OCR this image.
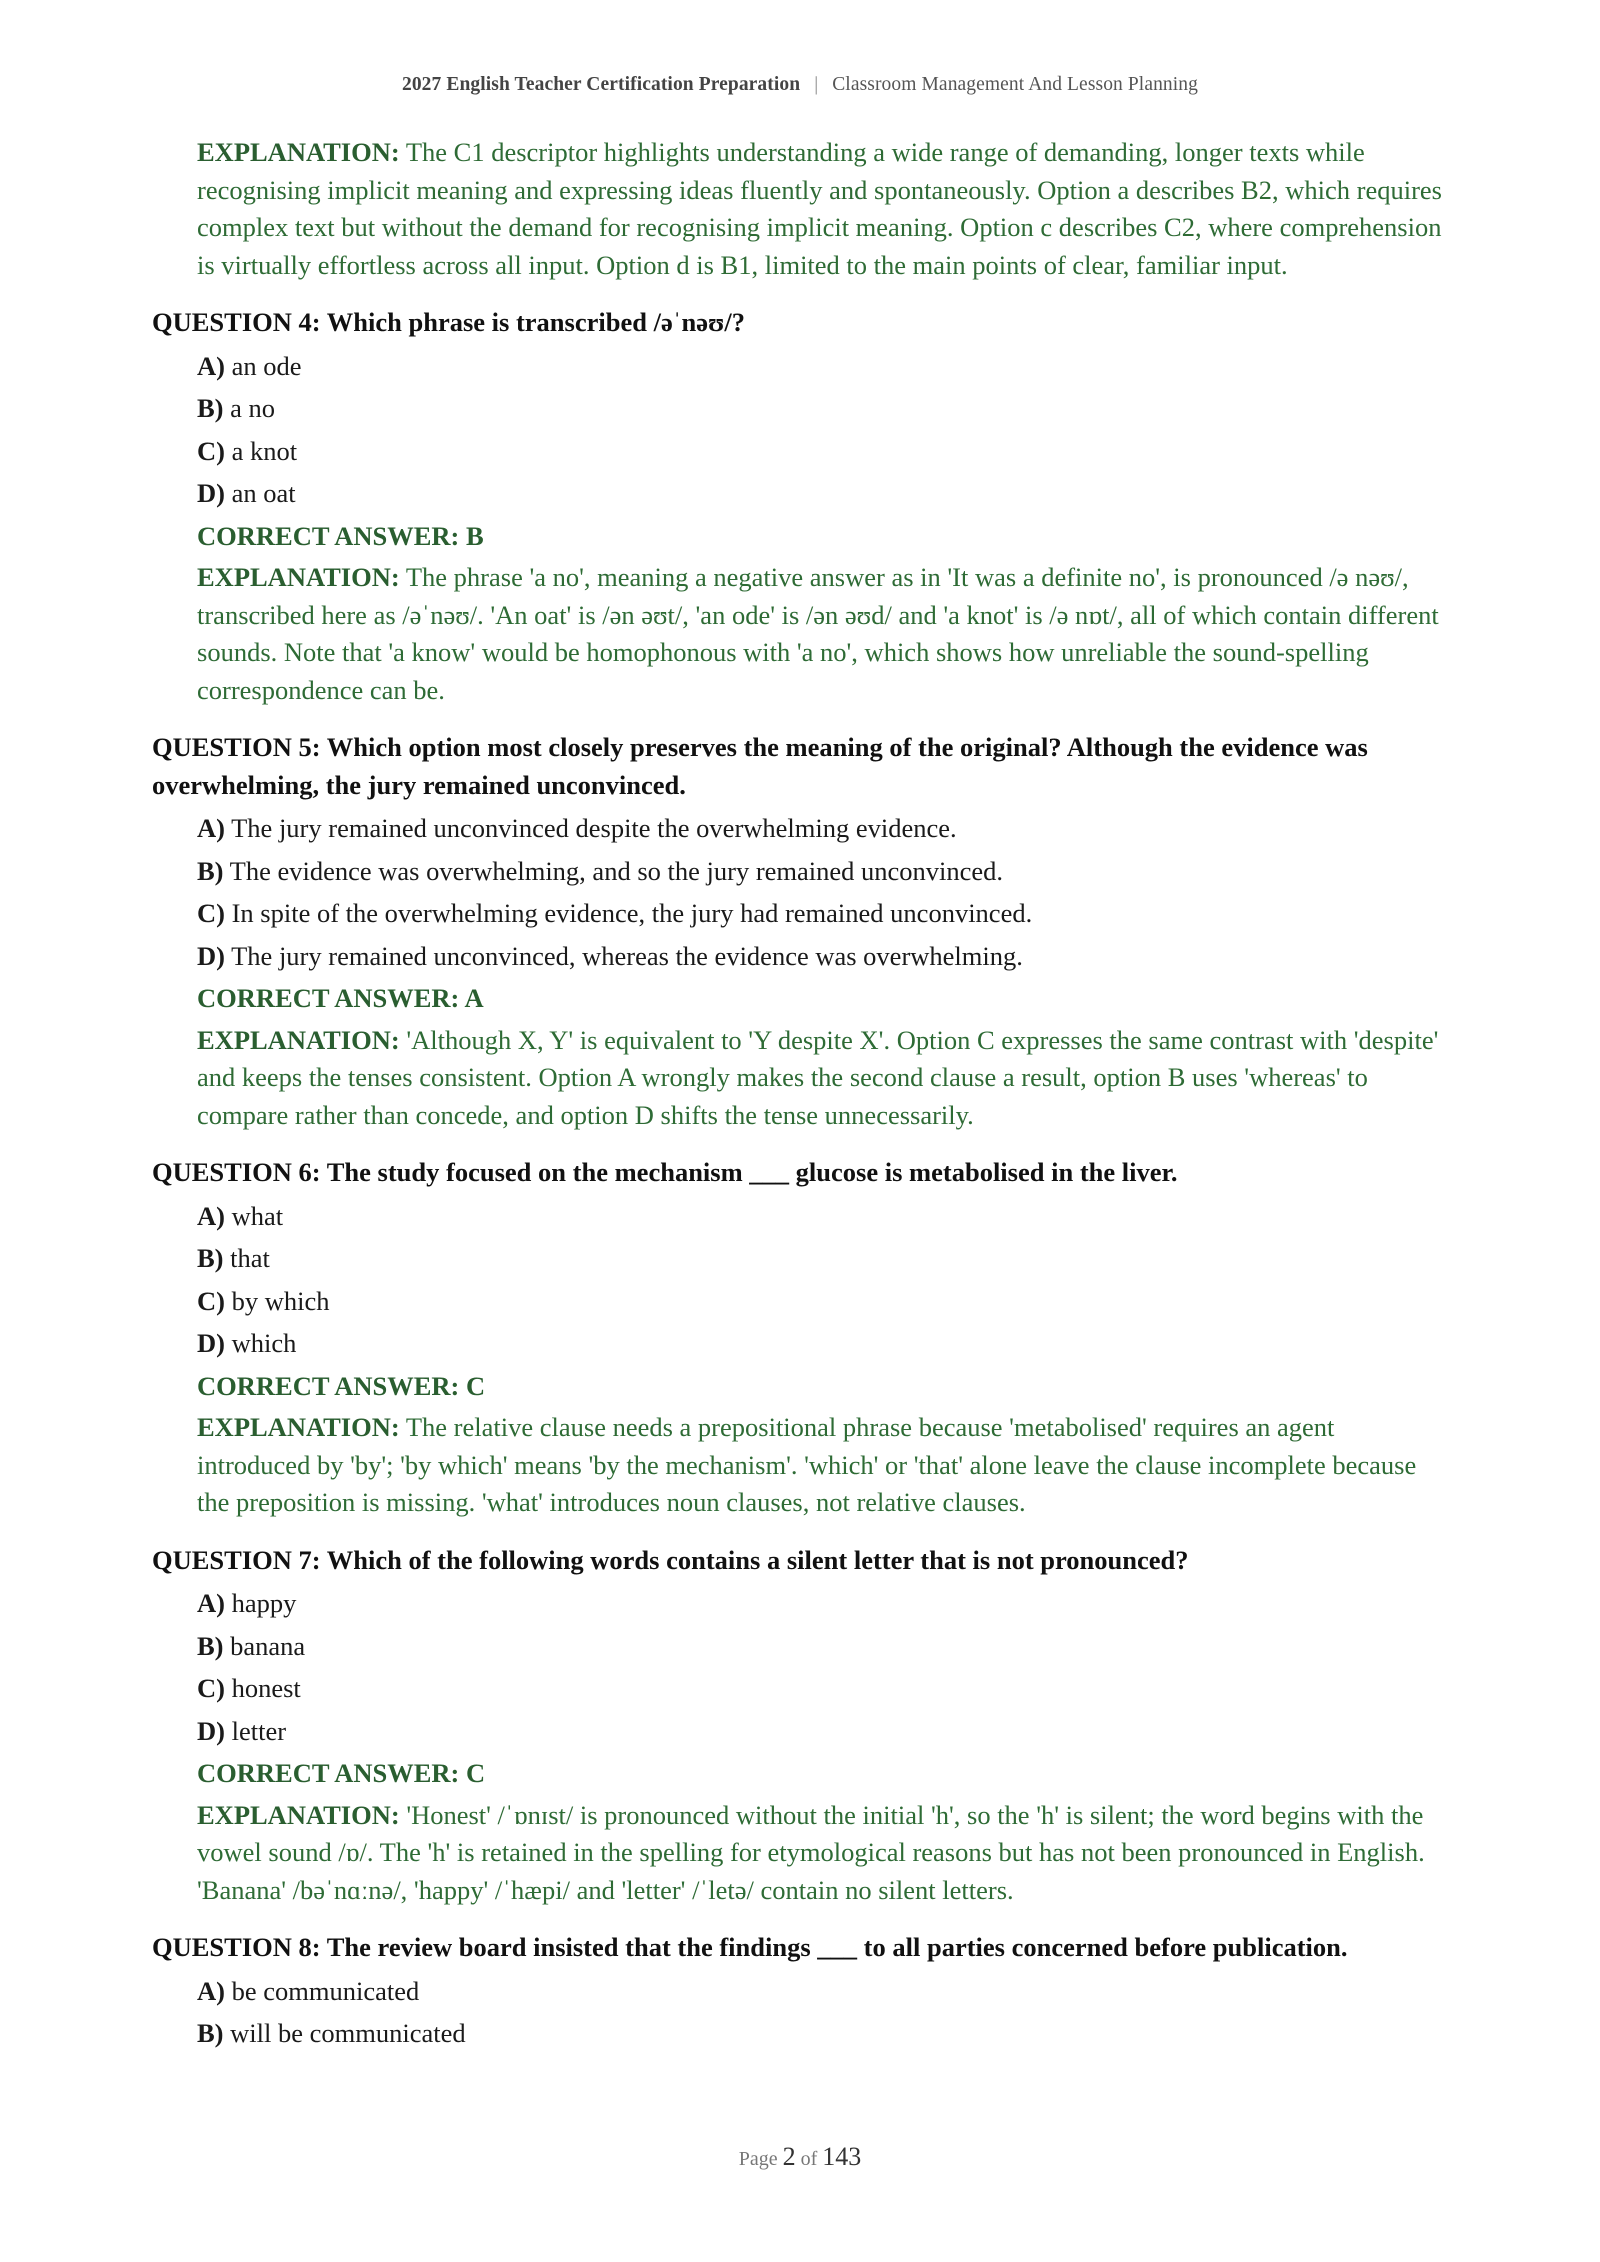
2027 English Teacher Certification Preparation | Classroom Management And Lesson Planning

EXPLANATION: The C1 descriptor highlights understanding a wide range of demanding, longer texts while recognising implicit meaning and expressing ideas fluently and spontaneously. Option a describes B2, which requires complex text but without the demand for recognising implicit meaning. Option c describes C2, where comprehension is virtually effortless across all input. Option d is B1, limited to the main points of clear, familiar input.

QUESTION 4: Which phrase is transcribed /əˈnəʊ/?

A) an ode

B) a no

C) a knot

D) an oat

CORRECT ANSWER: B

EXPLANATION: The phrase 'a no', meaning a negative answer as in 'It was a definite no', is pronounced /ə nəʊ/, transcribed here as /əˈnəʊ/. 'An oat' is /ən əʊt/, 'an ode' is /ən əʊd/ and 'a knot' is /ə nɒt/, all of which contain different sounds. Note that 'a know' would be homophonous with 'a no', which shows how unreliable the sound-spelling correspondence can be.

QUESTION 5: Which option most closely preserves the meaning of the original? Although the evidence was overwhelming, the jury remained unconvinced.

A) The jury remained unconvinced despite the overwhelming evidence.

B) The evidence was overwhelming, and so the jury remained unconvinced.

C) In spite of the overwhelming evidence, the jury had remained unconvinced.

D) The jury remained unconvinced, whereas the evidence was overwhelming.

CORRECT ANSWER: A

EXPLANATION: 'Although X, Y' is equivalent to 'Y despite X'. Option C expresses the same contrast with 'despite' and keeps the tenses consistent. Option A wrongly makes the second clause a result, option B uses 'whereas' to compare rather than concede, and option D shifts the tense unnecessarily.

QUESTION 6: The study focused on the mechanism ___ glucose is metabolised in the liver.

A) what

B) that

C) by which

D) which

CORRECT ANSWER: C

EXPLANATION: The relative clause needs a prepositional phrase because 'metabolised' requires an agent introduced by 'by'; 'by which' means 'by the mechanism'. 'which' or 'that' alone leave the clause incomplete because the preposition is missing. 'what' introduces noun clauses, not relative clauses.

QUESTION 7: Which of the following words contains a silent letter that is not pronounced?

A) happy

B) banana

C) honest

D) letter

CORRECT ANSWER: C

EXPLANATION: 'Honest' /ˈɒnɪst/ is pronounced without the initial 'h', so the 'h' is silent; the word begins with the vowel sound /ɒ/. The 'h' is retained in the spelling for etymological reasons but has not been pronounced in English. 'Banana' /bəˈnɑːnə/, 'happy' /ˈhæpi/ and 'letter' /ˈletə/ contain no silent letters.

QUESTION 8: The review board insisted that the findings ___ to all parties concerned before publication.

A) be communicated

B) will be communicated

Page 2 of 143
